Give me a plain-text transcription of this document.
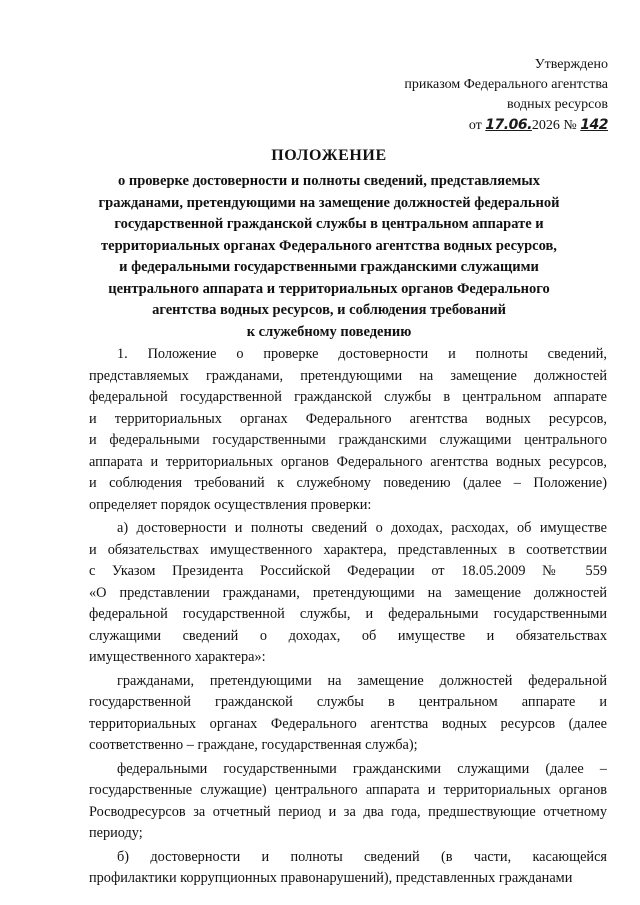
Утверждено
приказом Федерального агентства
водных ресурсов
от 17.06.2026 № 142
ПОЛОЖЕНИЕ
о проверке достоверности и полноты сведений, представляемых
гражданами, претендующими на замещение должностей федеральной
государственной гражданской службы в центральном аппарате и
территориальных органах Федерального агентства водных ресурсов,
и федеральными государственными гражданскими служащими
центрального аппарата и территориальных органов Федерального
агентства водных ресурсов, и соблюдения требований
к служебному поведению

1. Положение о проверке достоверности и полноты сведений,
представляемых гражданами, претендующими на замещение должностей
федеральной государственной гражданской службы в центральном аппарате
и территориальных органах Федерального агентства водных ресурсов,
и федеральными государственными гражданскими служащими центрального
аппарата и территориальных органов Федерального агентства водных ресурсов,
и соблюдения требований к служебному поведению (далее – Положение)
определяет порядок осуществления проверки:

а) достоверности и полноты сведений о доходах, расходах, об имуществе
и обязательствах имущественного характера, представленных в соответствии
с Указом Президента Российской Федерации от 18.05.2009 № 559
«О представлении гражданами, претендующими на замещение должностей
федеральной государственной службы, и федеральными государственными
служащими сведений о доходах, об имуществе и обязательствах
имущественного характера»:

гражданами, претендующими на замещение должностей федеральной
государственной гражданской службы в центральном аппарате и
территориальных органах Федерального агентства водных ресурсов (далее
соответственно – граждане, государственная служба);

федеральными государственными гражданскими служащими (далее –
государственные служащие) центрального аппарата и территориальных органов
Росводресурсов за отчетный период и за два года, предшествующие отчетному
периоду;

б) достоверности и полноты сведений (в части, касающейся
профилактики коррупционных правонарушений), представленных гражданами
